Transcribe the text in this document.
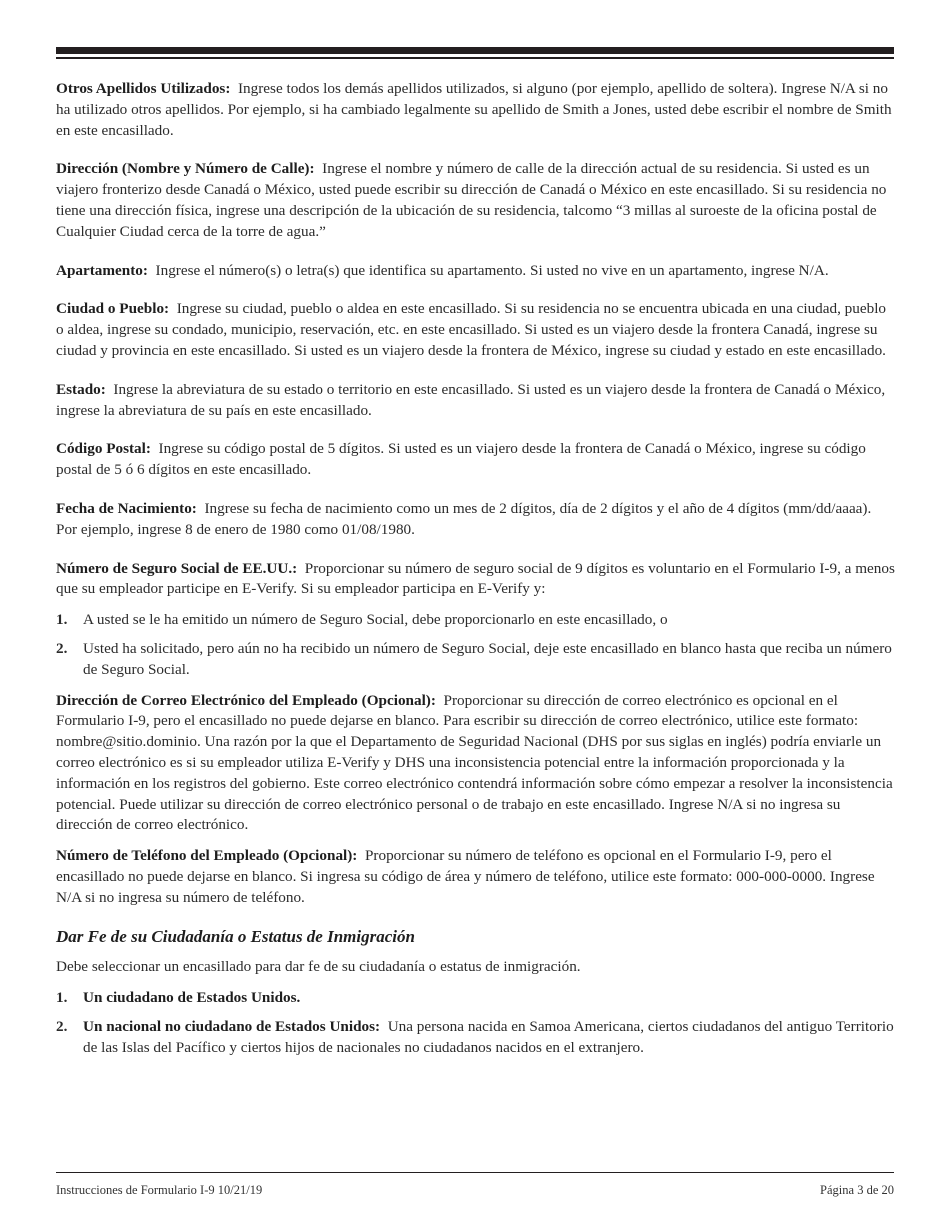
Otros Apellidos Utilizados: Ingrese todos los demás apellidos utilizados, si alguno (por ejemplo, apellido de soltera). Ingrese N/A si no ha utilizado otros apellidos. Por ejemplo, si ha cambiado legalmente su apellido de Smith a Jones, usted debe escribir el nombre de Smith en este encasillado.

Dirección (Nombre y Número de Calle): Ingrese el nombre y número de calle de la dirección actual de su residencia. Si usted es un viajero fronterizo desde Canadá o México, usted puede escribir su dirección de Canadá o México en este encasillado. Si su residencia no tiene una dirección física, ingrese una descripción de la ubicación de su residencia, talcomo “3 millas al suroeste de la oficina postal de Cualquier Ciudad cerca de la torre de agua.”

Apartamento: Ingrese el número(s) o letra(s) que identifica su apartamento. Si usted no vive en un apartamento, ingrese N/A.

Ciudad o Pueblo: Ingrese su ciudad, pueblo o aldea en este encasillado. Si su residencia no se encuentra ubicada en una ciudad, pueblo o aldea, ingrese su condado, municipio, reservación, etc. en este encasillado. Si usted es un viajero desde la frontera Canadá, ingrese su ciudad y provincia en este encasillado. Si usted es un viajero desde la frontera de México, ingrese su ciudad y estado en este encasillado.

Estado: Ingrese la abreviatura de su estado o territorio en este encasillado. Si usted es un viajero desde la frontera de Canadá o México, ingrese la abreviatura de su país en este encasillado.

Código Postal: Ingrese su código postal de 5 dígitos. Si usted es un viajero desde la frontera de Canadá o México, ingrese su código postal de 5 ó 6 dígitos en este encasillado.

Fecha de Nacimiento: Ingrese su fecha de nacimiento como un mes de 2 dígitos, día de 2 dígitos y el año de 4 dígitos (mm/dd/aaaa). Por ejemplo, ingrese 8 de enero de 1980 como 01/08/1980.

Número de Seguro Social de EE.UU.: Proporcionar su número de seguro social de 9 dígitos es voluntario en el Formulario I-9, a menos que su empleador participe en E-Verify. Si su empleador participa en E-Verify y:

1. A usted se le ha emitido un número de Seguro Social, debe proporcionarlo en este encasillado, o
2. Usted ha solicitado, pero aún no ha recibido un número de Seguro Social, deje este encasillado en blanco hasta que reciba un número de Seguro Social.

Dirección de Correo Electrónico del Empleado (Opcional): Proporcionar su dirección de correo electrónico es opcional en el Formulario I-9, pero el encasillado no puede dejarse en blanco. Para escribir su dirección de correo electrónico, utilice este formato: nombre@sitio.dominio. Una razón por la que el Departamento de Seguridad Nacional (DHS por sus siglas en inglés) podría enviarle un correo electrónico es si su empleador utiliza E-Verify y DHS una inconsistencia potencial entre la información proporcionada y la información en los registros del gobierno. Este correo electrónico contendrá información sobre cómo empezar a resolver la inconsistencia potencial. Puede utilizar su dirección de correo electrónico personal o de trabajo en este encasillado. Ingrese N/A si no ingresa su dirección de correo electrónico.

Número de Teléfono del Empleado (Opcional): Proporcionar su número de teléfono es opcional en el Formulario I-9, pero el encasillado no puede dejarse en blanco. Si ingresa su código de área y número de teléfono, utilice este formato: 000-000-0000. Ingrese N/A si no ingresa su número de teléfono.

Dar Fe de su Ciudadanía o Estatus de Inmigración

Debe seleccionar un encasillado para dar fe de su ciudadanía o estatus de inmigración.

1. Un ciudadano de Estados Unidos.
2. Un nacional no ciudadano de Estados Unidos: Una persona nacida en Samoa Americana, ciertos ciudadanos del antiguo Territorio de las Islas del Pacífico y ciertos hijos de nacionales no ciudadanos nacidos en el extranjero.
Instrucciones de Formulario I-9 10/21/19	Página 3 de 20
